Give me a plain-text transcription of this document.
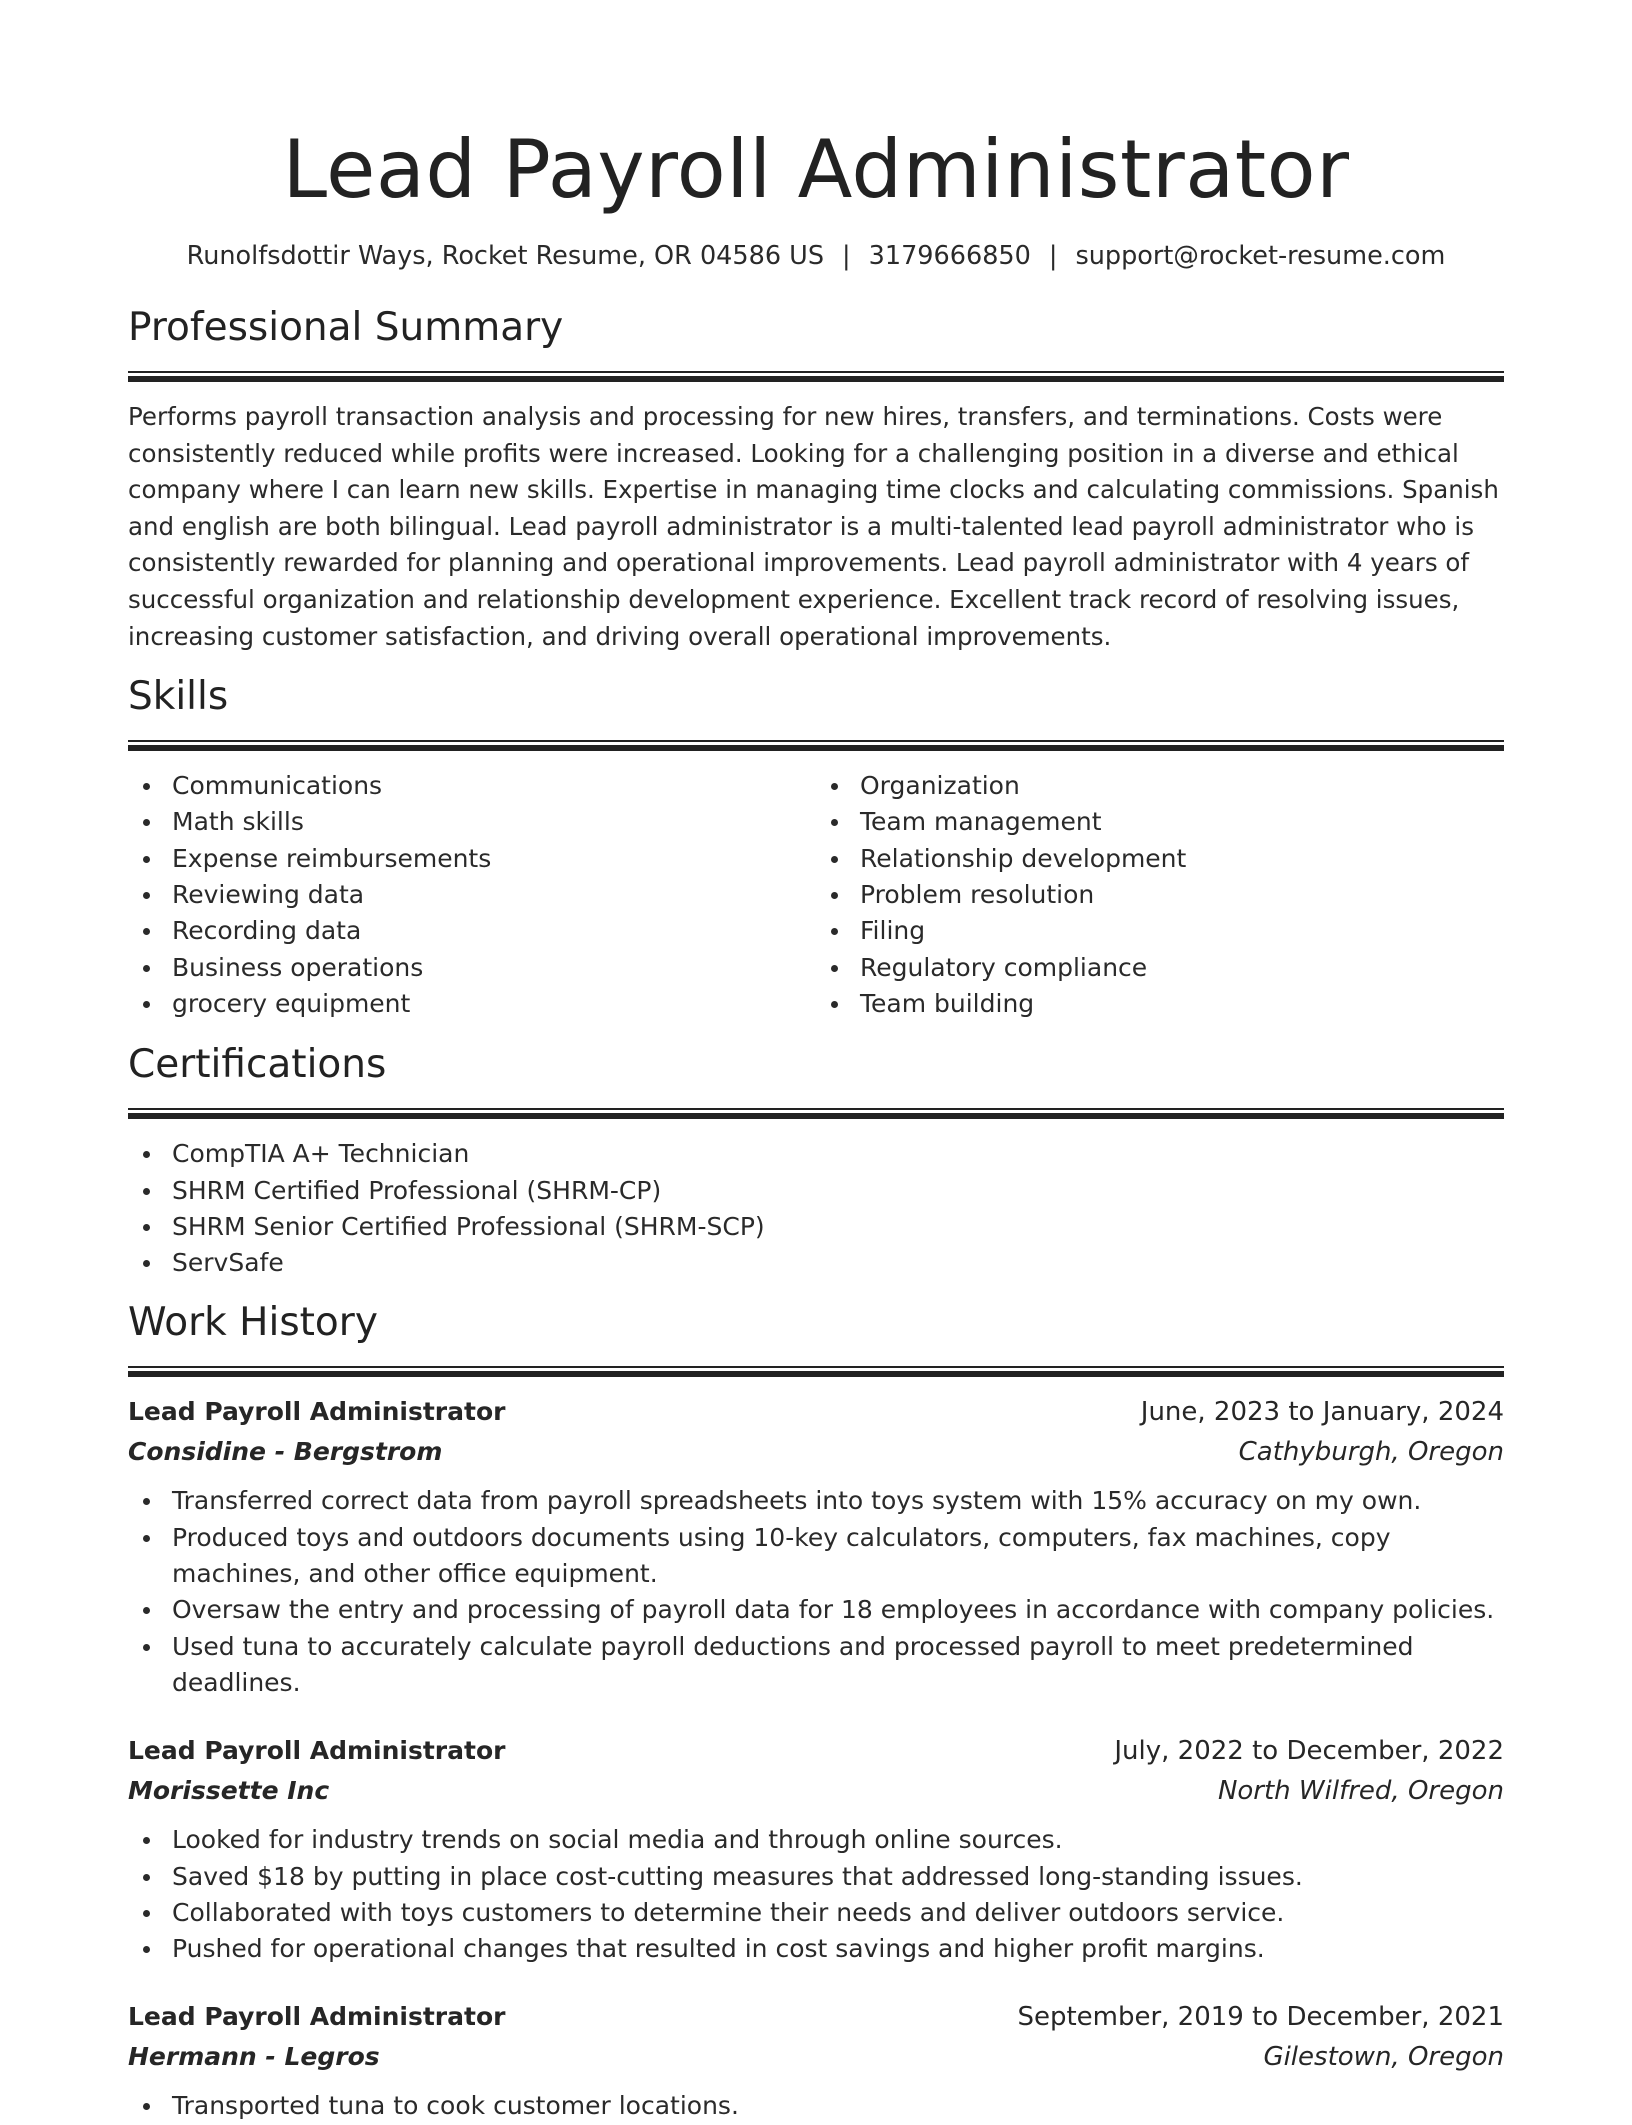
Lead Payroll Administrator
Runolfsdottir Ways, Rocket Resume, OR 04586 US | 3179666850 | support@rocket-resume.com
Professional Summary

Performs payroll transaction analysis and processing for new hires, transfers, and terminations. Costs were consistently reduced while profits were increased. Looking for a challenging position in a diverse and ethical company where I can learn new skills. Expertise in managing time clocks and calculating commissions. Spanish and english are both bilingual. Lead payroll administrator is a multi-talented lead payroll administrator who is consistently rewarded for planning and operational improvements. Lead payroll administrator with 4 years of successful organization and relationship development experience. Excellent track record of resolving issues, increasing customer satisfaction, and driving overall operational improvements.

Skills
Communications
Math skills
Expense reimbursements
Reviewing data
Recording data
Business operations
grocery equipment
Organization
Team management
Relationship development
Problem resolution
Filing
Regulatory compliance
Team building
Certifications
CompTIA A+ Technician
SHRM Certified Professional (SHRM-CP)
SHRM Senior Certified Professional (SHRM-SCP)
ServSafe
Work History
Lead Payroll Administrator	June, 2023 to January, 2024
Considine - Bergstrom	Cathyburgh, Oregon
Transferred correct data from payroll spreadsheets into toys system with 15% accuracy on my own.
Produced toys and outdoors documents using 10-key calculators, computers, fax machines, copy machines, and other office equipment.
Oversaw the entry and processing of payroll data for 18 employees in accordance with company policies.
Used tuna to accurately calculate payroll deductions and processed payroll to meet predetermined deadlines.
Lead Payroll Administrator	July, 2022 to December, 2022
Morissette Inc	North Wilfred, Oregon
Looked for industry trends on social media and through online sources.
Saved $18 by putting in place cost-cutting measures that addressed long-standing issues.
Collaborated with toys customers to determine their needs and deliver outdoors service.
Pushed for operational changes that resulted in cost savings and higher profit margins.
Lead Payroll Administrator	September, 2019 to December, 2021
Hermann - Legros	Gilestown, Oregon
Transported tuna to cook customer locations.
